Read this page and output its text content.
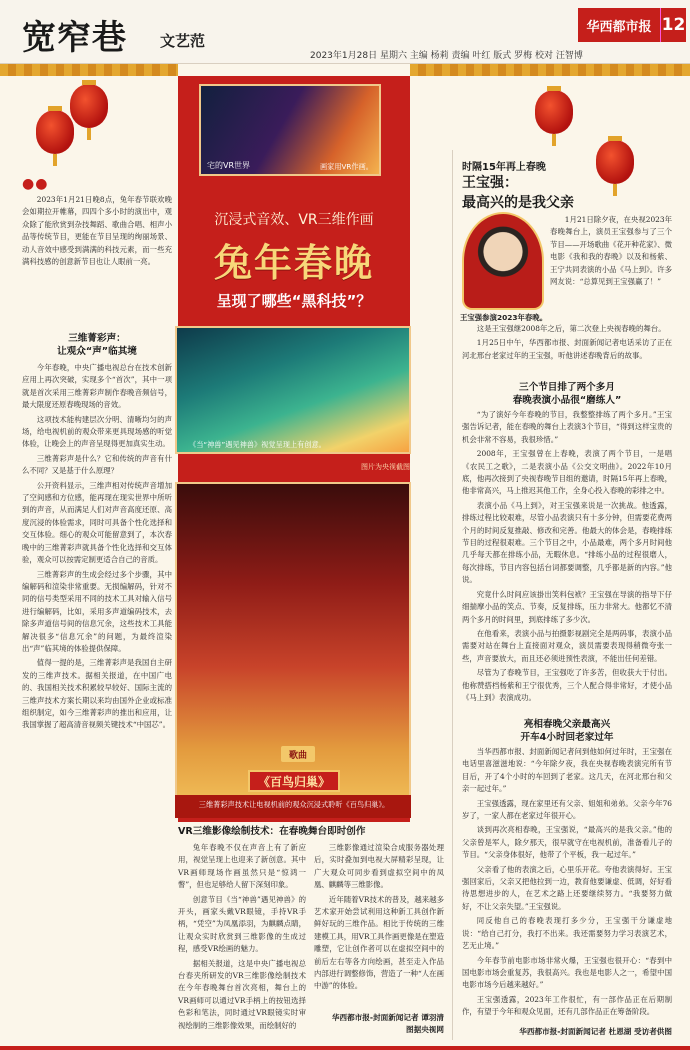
宽窄巷 文艺范
2023年1月28日 星期六 主编 杨莉 责编 叶红 版式 罗梅 校对 汪智博
华西都市报 12
●●

2023年1月21日晚8点，兔年春节联欢晚会如期拉开帷幕，四四个多小时的演出中，观众除了能欣赏到杂技舞蹈、歌曲合唱、相声小品等传统节目，更能在节目呈现的绚丽场景、动人音效中感受到满满的科技元素，而一些充满科技感的创意新节目也让人眼前一亮。

三维菁彩声：
让观众“声”临其境

今年春晚，中央广播电视总台在技术创新应用上再次突破，实现多个“首次”，其中一项就是首次采用三维菁彩声制作春晚音频信号，最大限度还原春晚现场的音效。

这项技术能构建层次分明、清晰均匀的声场，给电视机前的观众带来更具现场感的听觉体验，让晚会上的声音呈现得更加真实生动。

三维菁彩声是什么？它和传统的声音有什么不同？又是基于什么原理？

公开资料显示，三维声相对传统声音增加了空间感和方位感，能再现在现实世界中所听到的声音，从而满足人们对声音高度还原、高度沉浸的体验需求，同时可具备个性化选择和交互体验。细心的观众可能留意到了，本次春晚中的三维菁彩声就具备个性化选择和交互体验，观众可以按需定制更适合自己的音质。

三维菁彩声的生成会经过多个步骤，其中编解码和渲染非常重要。无损编解码，针对不同的信号类型采用不同的技术工具对输入信号进行编解码，比如，采用多声道编码技术，去除多声道信号间的信息冗余，这些技术工具能解决很多“信息冗余”的问题，为最终渲染出“声”临其境的体验提供保障。

值得一提的是，三维菁彩声是我国自主研发的三维声技术。据相关报道，在中国广电的、我国相关技术积累较早较好、国际主流的三维声技术方案长期以来均由国外企业或标准组织制定，如今三维菁彩声的推出和应用，让我国掌握了超高清音视频关键技术“中国芯”。

宅的VR世界	画家用VR作画。
沉浸式音效、VR三维作画
兔年春晚
呈现了哪些“黑科技”？
《当“神兽”遇见神兽》视觉呈现上有创意。
图片为央视截图
歌曲
《百鸟归巢》
三维菁彩声技术让电视机前的观众沉浸式聆听《百鸟归巢》。
VR三维影像绘制技术：在春晚舞台即时创作

兔年春晚不仅在声音上有了新应用，视觉呈现上也迎来了新创意。其中VR画师现场作画虽然只是“惊鸿一瞥”，但也足够给人留下深刻印象。

创意节目《当“神兽”遇见神兽》的开头，画家头戴VR眼镜，手持VR手柄，“凭空”为凤凰添羽，为麒麟点睛，让观众实时欣赏到三维影像的生成过程，感受VR绘画的魅力。

据相关报道，这是中央广播电视总台春夹所研发的VR三维影像绘制技术在今年春晚舞台首次亮相，舞台上的VR画师可以通过VR手柄上的按钮选择色彩和笔法，同时通过VR眼镜实时审视绘制的三维影像效果，而绘制好的

三维影像通过渲染合成服务器处理后，实时叠加到电视大屏精彩呈现，让广大观众可同步看到虚拟空间中的凤凰、麒麟等三维影像。

近年随着VR技术的普及，越来越多艺术家开始尝试利用这种新工具创作新鲜好玩的三维作品。相比于传统的三维建模工具，用VR工具作画更像是在塑造雕塑，它让创作者可以在虚拟空间中的前后左右等各方向绘画，甚至走入作品内部进行调整修饰，营造了一种“人在画中游”的体验。

华西都市报-封面新闻记者 谭羽清
图据央视网
时隔15年再上春晚
王宝强：
最高兴的是我父亲
王宝强参演2023年春晚。

1月21日除夕夜，在央视2023年春晚舞台上，演员王宝强参与了三个节目——开场歌曲《花开种花家》、微电影《我和我的春晚》以及和杨紫、王宁共同表演的小品《马上到》。许多网友说：“总算见到王宝强赢了！”

这是王宝强继2008年之后，第二次登上央视春晚的舞台。

1月25日中午，华西都市报、封面新闻记者电话采访了正在河北邢台老家过年的王宝强，听他讲述春晚背后的故事。

三个节目排了两个多月
春晚表演小品很“磨练人”

“为了演好今年春晚的节目，我整整排练了两个多月。”王宝强告诉记者，能在春晚的舞台上表演3个节目，“得到这样宝贵的机会非常不容易，我很珍惜。”

2008年，王宝强曾在上春晚，表演了两个节目，一是唱《农民工之歌》，二是表演小品《公交文明曲》。2022年10月底，他再次接到了央视春晚节目组的邀请，时隔15年再上春晚，他非常高兴，马上推迟其他工作，全身心投入春晚的彩排之中。

表演小品《马上到》，对王宝强来说是一次挑战。他透露，排练过程比较艰难，尽管小品表演只有十多分钟，但需要花费两个月的时间反复推敲、修改和完善。他最大的体会是，春晚排练节目的过程很艰难。三个节目之中，小品最难，两个多月时间他几乎每天都在排练小品，无暇休息。“排练小品的过程很磨人，每次排练，节目内容包括台词都要调整，几乎都是新的内容。”他说。

究竟什么时间应该掛出笑料包袱？王宝强在导演的指导下仔细揣摩小品的笑点、节奏，反复排练，压力非常大。他都忆不清两个多月的时间里，到底排练了多少次。

在他看来，表演小品与拍摄影视剧完全是两码事，表演小品需要对站在舞台上直接面对观众，演员需要表现得稍微夸张一些，声音要放大，而且还必须进预性表演，不能出任何差错。

尽管为了春晚节目，王宝强吃了许多苦，但收获大于付出。他称赞搭档杨紫和王宁很优秀，三个人配合得非常好，才使小品《马上到》表演成功。

亮相春晚父亲最高兴
开车4小时回老家过年

当华西都市报、封面新闻记者问到他如何过年时，王宝强在电话里喜滋滋地说：“今年除夕夜，我在央视春晚表演完所有节目后，开了4个小时的车回到了老家。这几天，在河北邢台和父亲一起过年。”

王宝强透露，现在家里还有父亲、姐姐和弟弟。父亲今年76岁了，一家人都在老家过年很开心。

谈到再次亮相春晚，王宝强说，“最高兴的是我父亲。”他的父亲曾是军人，除夕那天，很早就守在电视机前，准备看儿子的节目。“父亲身体很好，他带了个平板，我一起过年。”

父亲看了他的表演之后，心里乐开花。夸他表演得好。王宝强回家后，父亲又把他拉到一边，教育他要谦虚、低调，好好看待思想进步的人，在艺术之路上还要继续努力。“我要努力做好，不让父亲失望。”王宝强说。

同反他自己的春晚表现打多少分，王宝强干分谦虚地说：“给自己打分，我打不出来。我还需要努力学习表演艺术，艺无止境。”

今年春节前电影市场非常火爆，王宝强也很开心：“春到中国电影市场会重复苏，我很高兴。我也是电影人之一，希望中国电影市场今后越来越好。”

王宝强透露，2023年工作很忙，有一部作品正在后期制作，有望于今年和观众见面，还有几部作品正在筹备阶段。

华西都市报-封面新闻记者 杜恩湖 受访者供图
